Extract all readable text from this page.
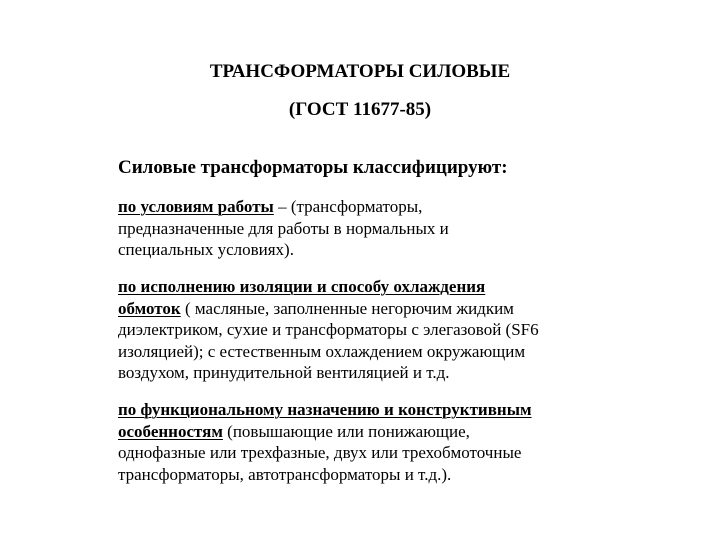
ТРАНСФОРМАТОРЫ СИЛОВЫЕ
(ГОСТ 11677-85)
Силовые трансформаторы классифицируют:
по условиям работы – (трансформаторы,
предназначенные для работы в нормальных и
специальных условиях).
по исполнению изоляции и способу охлаждения
обмоток ( масляные, заполненные негорючим жидким
диэлектриком, сухие и трансформаторы с элегазовой (SF6
изоляцией); с естественным охлаждением окружающим
воздухом, принудительной вентиляцией и т.д.
по функциональному назначению и конструктивным
особенностям (повышающие или понижающие,
однофазные или трехфазные, двух или трехобмоточные
трансформаторы, автотрансформаторы и т.д.).
